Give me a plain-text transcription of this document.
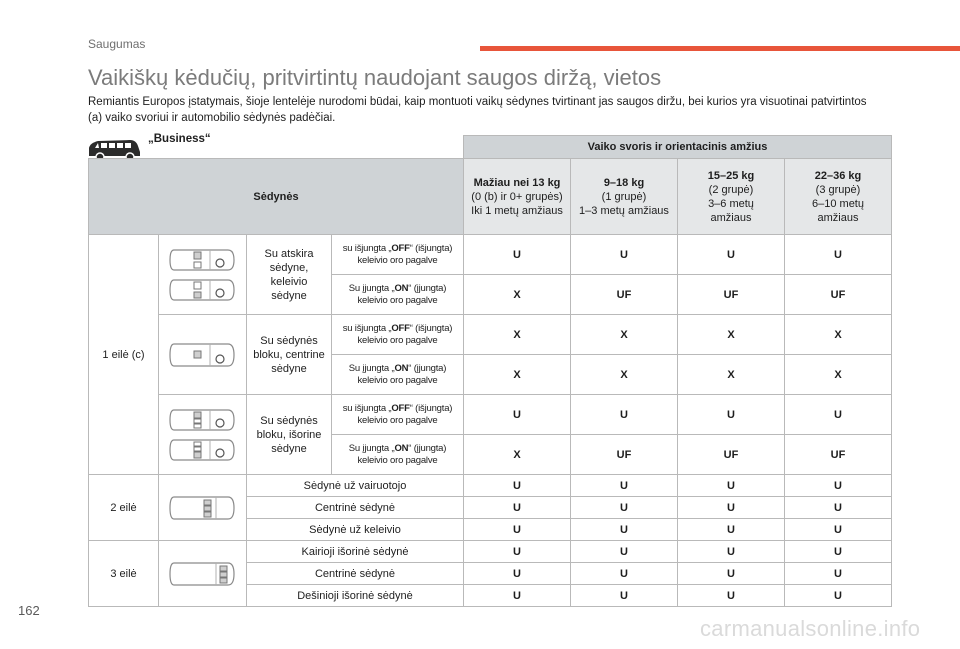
Saugumas
Vaikiškų kėdučių, pritvirtintų naudojant saugos diržą, vietos

Remiantis Europos įstatymais, šioje lentelėje nurodomi būdai, kaip montuoti vaikų sėdynes tvirtinant jas saugos diržu, bei kurios yra visuotinai patvirtintos (a) vaiko svoriui ir automobilio sėdynės padėčiai.

„Business“
				Vaiko svoris ir orientacinis amžius			
				Mažiau nei 13 kg
(0 (b) ir 0+ grupės)
Iki 1 metų amžiaus	9–18 kg
(1 grupė)
1–3 metų amžiaus	15–25 kg
(2 grupė)
3–6 metų
amžiaus	22–36 kg
(3 grupė)
6–10 metų
amžiaus
Sėdynės							
1 eilė (c)		Su atskira
sėdyne,
keleivio
sėdyne	su išjungta „OFF“ (išjungta)
keleivio oro pagalve	U	U	U	U
			Su įjungta „ON“ (įjungta)
keleivio oro pagalve	X	UF	UF	UF

	Su sėdynės
bloku, centrine
sėdyne	su išjungta „OFF“ (išjungta)
keleivio oro pagalve	X	X	X	X
			Su įjungta „ON“ (įjungta)
keleivio oro pagalve	X	X	X	X

	Su sėdynės
bloku, išorine
sėdyne	su išjungta „OFF“ (išjungta)
keleivio oro pagalve	U	U	U	U
			Su įjungta „ON“ (įjungta)
keleivio oro pagalve	X	UF	UF	UF
2 eilė		Sėdynė už vairuotojo		U	U	U	U
		Centrinė sėdynė		U	U	U	U
		Sėdynė už keleivio		U	U	U	U
3 eilė		Kairioji išorinė sėdynė		U	U	U	U
		Centrinė sėdynė		U	U	U	U
		Dešinioji išorinė sėdynė		U	U	U	U
162
carmanualsonline.info
